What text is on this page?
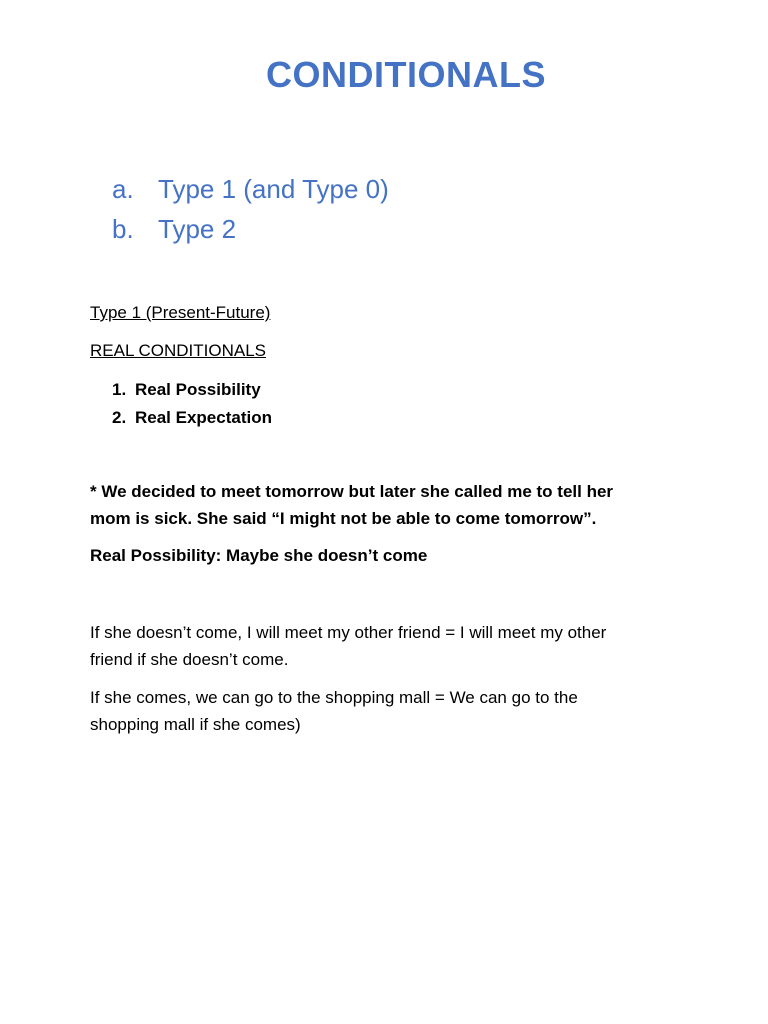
CONDITIONALS
a. Type 1 (and Type 0)
b. Type 2
Type 1 (Present-Future)
REAL CONDITIONALS
1. Real Possibility
2. Real Expectation
* We decided to meet tomorrow but later she called me to tell her
mom is sick. She said “I might not be able to come tomorrow”.
Real Possibility: Maybe she doesn’t come
If she doesn’t come, I will meet my other friend = I will meet my other
friend if she doesn’t come.
If she comes, we can go to the shopping mall = We can go to the
shopping mall if she comes)
